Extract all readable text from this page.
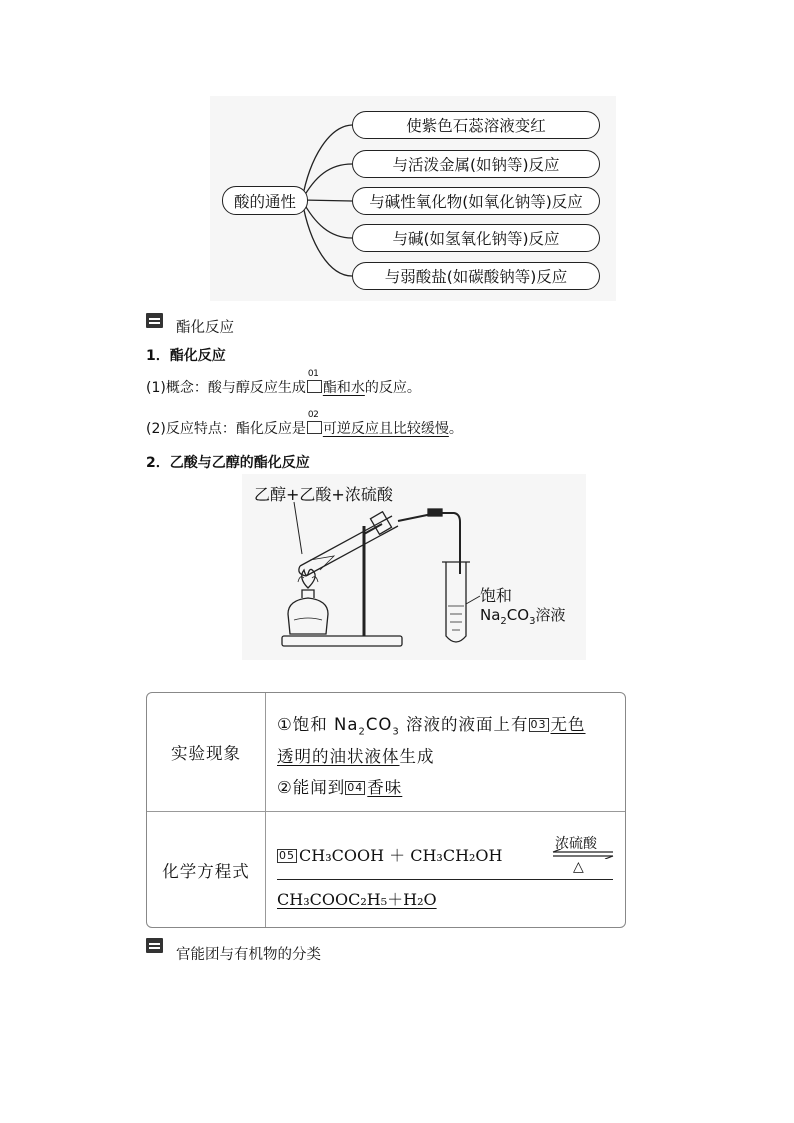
酸的通性
使紫色石蕊溶液变红
与活泼金属(如钠等)反应
与碱性氧化物(如氧化钠等)反应
与碱(如氢氧化钠等)反应
与弱酸盐(如碳酸钠等)反应
酯化反应
1．酯化反应
(1)概念：酸与醇反应生成
01
酯和水的反应。
(2)反应特点：酯化反应是
02
可逆反应且比较缓慢。
2．乙酸与乙醇的酯化反应
乙醇+乙酸+浓硫酸
饱和
$Na_2CO_3$溶液
实验现象
①饱和 $Na_2CO_3$ 溶液的液面上有 03 无色
透明的油状液体生成
②能闻到 04 香味
化学方程式
05 CH₃COOH ＋ CH₃CH₂OH
浓硫酸
△
CH₃COOC₂H₅＋H₂O
官能团与有机物的分类
